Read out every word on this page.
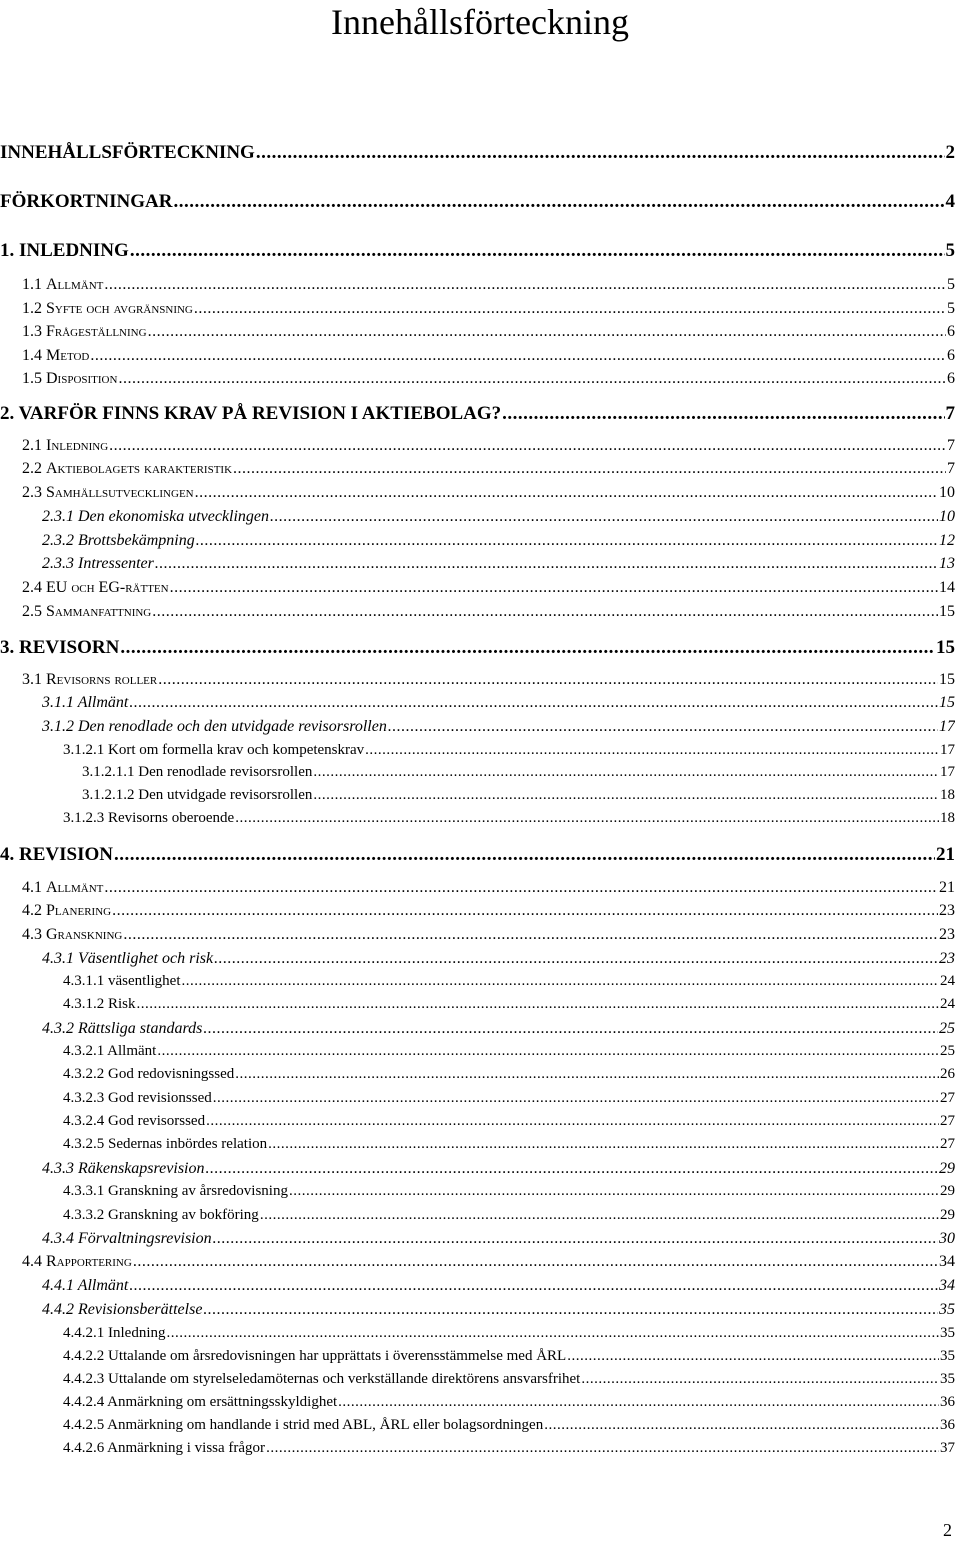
Innehållsförteckning
INNEHÅLLSFÖRTECKNING .....	2
FÖRKORTNINGAR .....	4
1. INLEDNING .....	5
1.1 Allmänt .....	5
1.2 Syfte och avgränsning .....	5
1.3 Frågeställning .....	6
1.4 Metod .....	6
1.5 Disposition .....	6
2. VARFÖR FINNS KRAV PÅ REVISION I AKTIEBOLAG? .....	7
2.1 Inledning .....	7
2.2 Aktiebolagets karakteristik .....	7
2.3 Samhällsutvecklingen .....	10
2.3.1 Den ekonomiska utvecklingen .....	10
2.3.2 Brottsbekämpning .....	12
2.3.3 Intressenter .....	13
2.4 EU och EG-rätten .....	14
2.5 Sammanfattning .....	15
3. REVISORN .....	15
3.1 Revisorns roller .....	15
3.1.1 Allmänt .....	15
3.1.2 Den renodlade och den utvidgade revisorsrollen .....	17
3.1.2.1 Kort om formella krav och kompetenskrav .....	17
3.1.2.1.1 Den renodlade revisorsrollen .....	17
3.1.2.1.2 Den utvidgade revisorsrollen .....	18
3.1.2.3 Revisorns oberoende .....	18
4. REVISION .....	21
4.1 Allmänt .....	21
4.2 Planering .....	23
4.3 Granskning .....	23
4.3.1 Väsentlighet och risk .....	23
4.3.1.1 väsentlighet .....	24
4.3.1.2 Risk .....	24
4.3.2 Rättsliga standards .....	25
4.3.2.1 Allmänt .....	25
4.3.2.2 God redovisningssed .....	26
4.3.2.3 God revisionssed .....	27
4.3.2.4 God revisorssed .....	27
4.3.2.5 Sedernas inbördes relation .....	27
4.3.3 Räkenskapsrevision .....	29
4.3.3.1 Granskning av årsredovisning .....	29
4.3.3.2 Granskning av bokföring .....	29
4.3.4 Förvaltningsrevision .....	30
4.4 Rapportering .....	34
4.4.1 Allmänt .....	34
4.4.2 Revisionsberättelse .....	35
4.4.2.1 Inledning .....	35
4.4.2.2 Uttalande om årsredovisningen har upprättats i överensstämmelse med ÅRL .....	35
4.4.2.3 Uttalande om styrelseledamöternas och verkställande direktörens ansvarsfrihet .....	35
4.4.2.4 Anmärkning om ersättningsskyldighet .....	36
4.4.2.5 Anmärkning om handlande i strid med ABL, ÅRL eller bolagsordningen .....	36
4.4.2.6 Anmärkning i vissa frågor .....	37
2
